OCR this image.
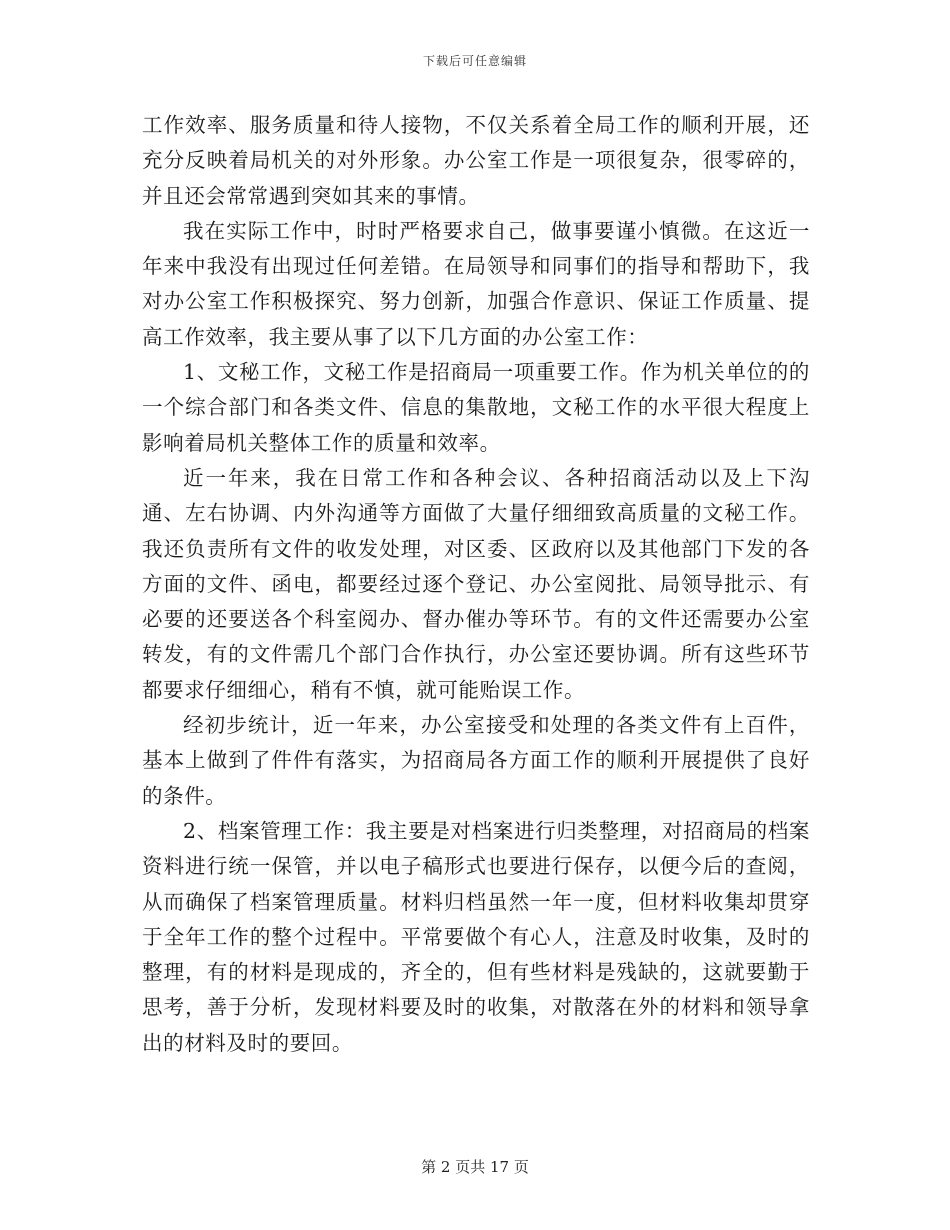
下载后可任意编辑

工作效率、服务质量和待人接物，不仅关系着全局工作的顺利开展，还充分反映着局机关的对外形象。办公室工作是一项很复杂，很零碎的，并且还会常常遇到突如其来的事情。

我在实际工作中，时时严格要求自己，做事要谨小慎微。在这近一年来中我没有出现过任何差错。在局领导和同事们的指导和帮助下，我对办公室工作积极探究、努力创新，加强合作意识、保证工作质量、提高工作效率，我主要从事了以下几方面的办公室工作：

1、文秘工作，文秘工作是招商局一项重要工作。作为机关单位的的一个综合部门和各类文件、信息的集散地，文秘工作的水平很大程度上影响着局机关整体工作的质量和效率。

近一年来，我在日常工作和各种会议、各种招商活动以及上下沟通、左右协调、内外沟通等方面做了大量仔细细致高质量的文秘工作。我还负责所有文件的收发处理，对区委、区政府以及其他部门下发的各方面的文件、函电，都要经过逐个登记、办公室阅批、局领导批示、有必要的还要送各个科室阅办、督办催办等环节。有的文件还需要办公室转发，有的文件需几个部门合作执行，办公室还要协调。所有这些环节都要求仔细细心，稍有不慎，就可能贻误工作。

经初步统计，近一年来，办公室接受和处理的各类文件有上百件，基本上做到了件件有落实，为招商局各方面工作的顺利开展提供了良好的条件。

2、档案管理工作：我主要是对档案进行归类整理，对招商局的档案资料进行统一保管，并以电子稿形式也要进行保存，以便今后的查阅，从而确保了档案管理质量。材料归档虽然一年一度，但材料收集却贯穿于全年工作的整个过程中。平常要做个有心人，注意及时收集，及时的整理，有的材料是现成的，齐全的，但有些材料是残缺的，这就要勤于思考，善于分析，发现材料要及时的收集，对散落在外的材料和领导拿出的材料及时的要回。

第 2 页共 17 页
